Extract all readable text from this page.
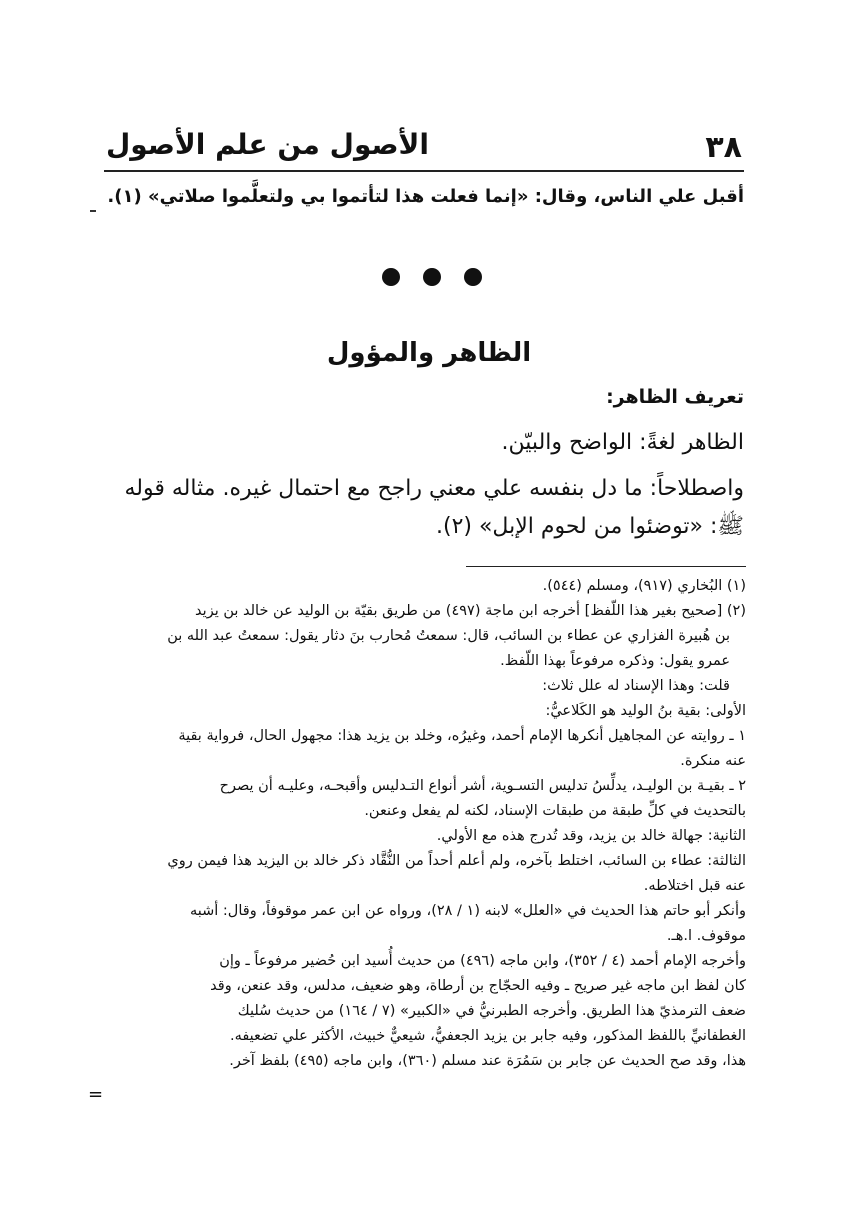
الأصول من علم الأصول	٣٨
أقبل علي الناس، وقال: «إنما فعلت هذا لتأتموا بي ولتعلَّموا صلاتي» (١).
الظاهر والمؤول
تعريف الظاهر:
الظاهر لغةً: الواضح والبيّن.
واصطلاحاً: ما دل بنفسه علي معني راجح مع احتمال غيره. مثاله قوله
ﷺ: «توضئوا من لحوم الإبل» (٢).
(١) البُخاري (٩١٧)، ومسلم (٥٤٤).
(٢) [صحيح بغير هذا اللّفظ] أخرجه ابن ماجة (٤٩٧) من طريق بقيّة بن الوليد عن خالد بن يزيد
بن هُبيرة الفزاري عن عطاء بن السائب، قال: سمعتُ مُحارب بنَ دثار يقول: سمعتُ عبد الله بن
عمرو يقول: وذكره مرفوعاً بهذا اللّفظ.
قلت: وهذا الإسناد له علل ثلاث:
الأولى: بقية بنُ الوليد هو الكَلاعيُّ:
١ ـ روايته عن المجاهيل أنكرها الإمام أحمد، وغيرُه، وخلد بن يزيد هذا: مجهول الحال، فرواية بقية
عنه منكرة.
٢ ـ بقيـة بن الوليـد، يدلِّسُ تدليس التسـوية، أشر أنواع التـدليس وأقبحـه، وعليـه أن يصرح
بالتحديث في كلِّ طبقة من طبقات الإسناد، لكنه لم يفعل وعنعن.
الثانية: جهالة خالد بن يزيد، وقد تُدرج هذه مع الأولي.
الثالثة: عطاء بن السائب، اختلط بآخره، ولم أعلم أحداً من النُّقَّاد ذكر خالد بن اليزيد هذا فيمن روي
عنه قبل اختلاطه.
وأنكر أبو حاتم هذا الحديث في «العلل» لابنه (١ / ٢٨)، ورواه عن ابن عمر موقوفاً، وقال: أشبه
موقوف. ا.هـ.
وأخرجه الإمام أحمد (٤ / ٣٥٢)، وابن ماجه (٤٩٦) من حديث أُسيد ابن حُضير مرفوعاً ـ وإن
كان لفظ ابن ماجه غير صريح ـ وفيه الحجّاج بن أرطاة، وهو ضعيف، مدلس، وقد عنعن، وقد
ضعف الترمذيّ هذا الطريق. وأخرجه الطبرنيُّ في «الكبير» (٧ / ١٦٤) من حديث سُليك
الغطفانيِّ باللفظ المذكور، وفيه جابر بن يزيد الجعفيُّ، شيعيٌّ خبيث، الأكثر علي تضعيفه.
هذا، وقد صح الحديث عن جابر بن سَمُرَة عند مسلم (٣٦٠)، وابن ماجه (٤٩٥) بلفظ آخر.
=
